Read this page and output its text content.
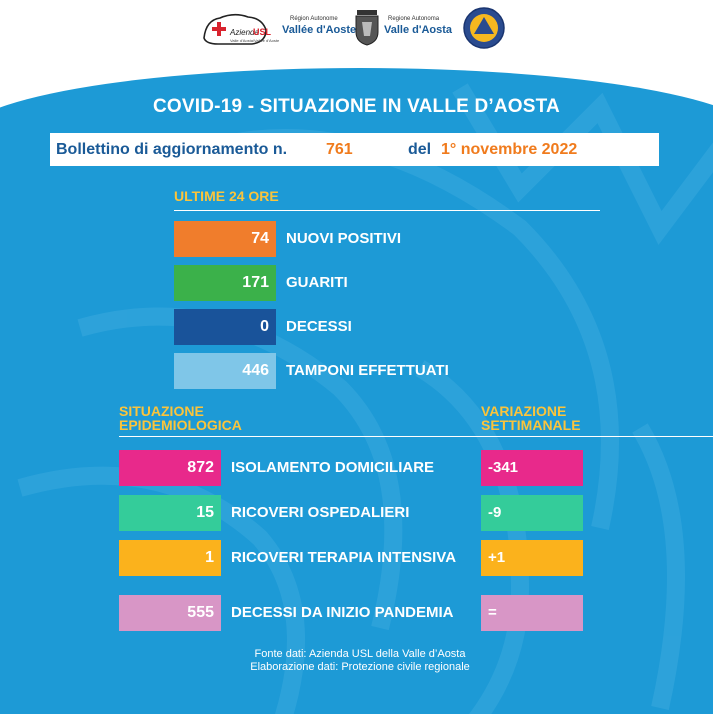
Azienda
USL
Valle d'Aosta/Vallée d'Aoste
Région Autonome
Vallée d'Aoste
Regione Autonoma
Valle d'Aosta
COVID-19 - SITUAZIONE IN VALLE D’AOSTA
Bollettino di aggiornamento n. 761	del 1° novembre 2022
ULTIME 24 ORE
74	NUOVI POSITIVI
171	GUARITI
0	DECESSI
446	TAMPONI EFFETTUATI
SITUAZIONE
EPIDEMIOLOGICA
VARIAZIONE
SETTIMANALE
872	ISOLAMENTO DOMICILIARE	-341
15	RICOVERI OSPEDALIERI	-9
1	RICOVERI TERAPIA INTENSIVA	+1
555	DECESSI DA INIZIO PANDEMIA	=
Fonte dati: Azienda USL della Valle d’Aosta
Elaborazione dati: Protezione civile regionale
